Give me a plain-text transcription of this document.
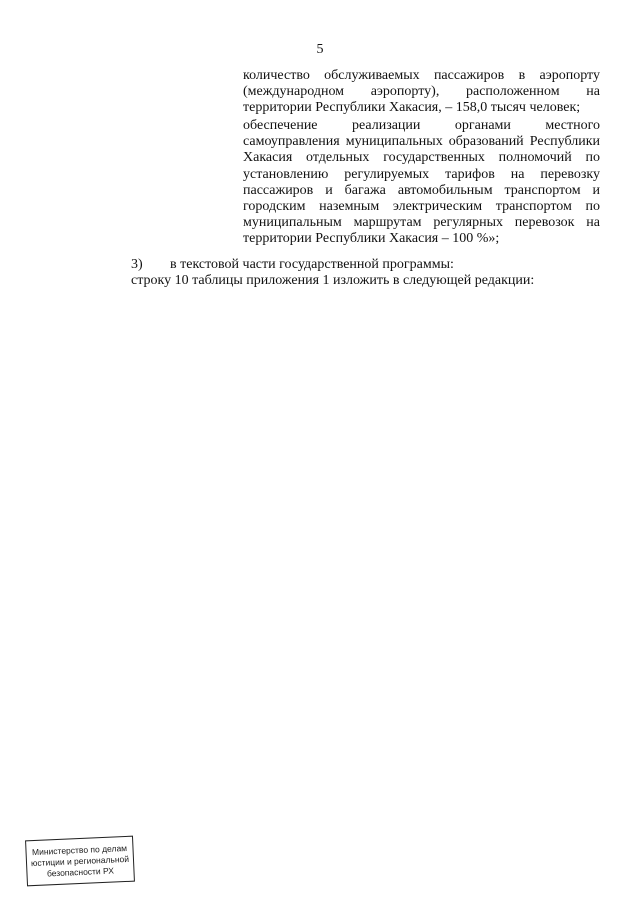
5
количество обслуживаемых пассажиров в аэропорту
(международном аэропорту), расположенном на
территории Республики Хакасия, – 158,0 тысяч человек;
обеспечение реализации органами местного
самоуправления муниципальных образований Республики
Хакасия отдельных государственных полномочий по
установлению регулируемых тарифов на перевозку
пассажиров и багажа автомобильным транспортом и
городским наземным электрическим транспортом по
муниципальным маршрутам регулярных перевозок на
территории Республики Хакасия – 100 %»;
3) в текстовой части государственной программы:
строку 10 таблицы приложения 1 изложить в следующей редакции:
Министерство по делам
юстиции и региональной
безопасности РХ
